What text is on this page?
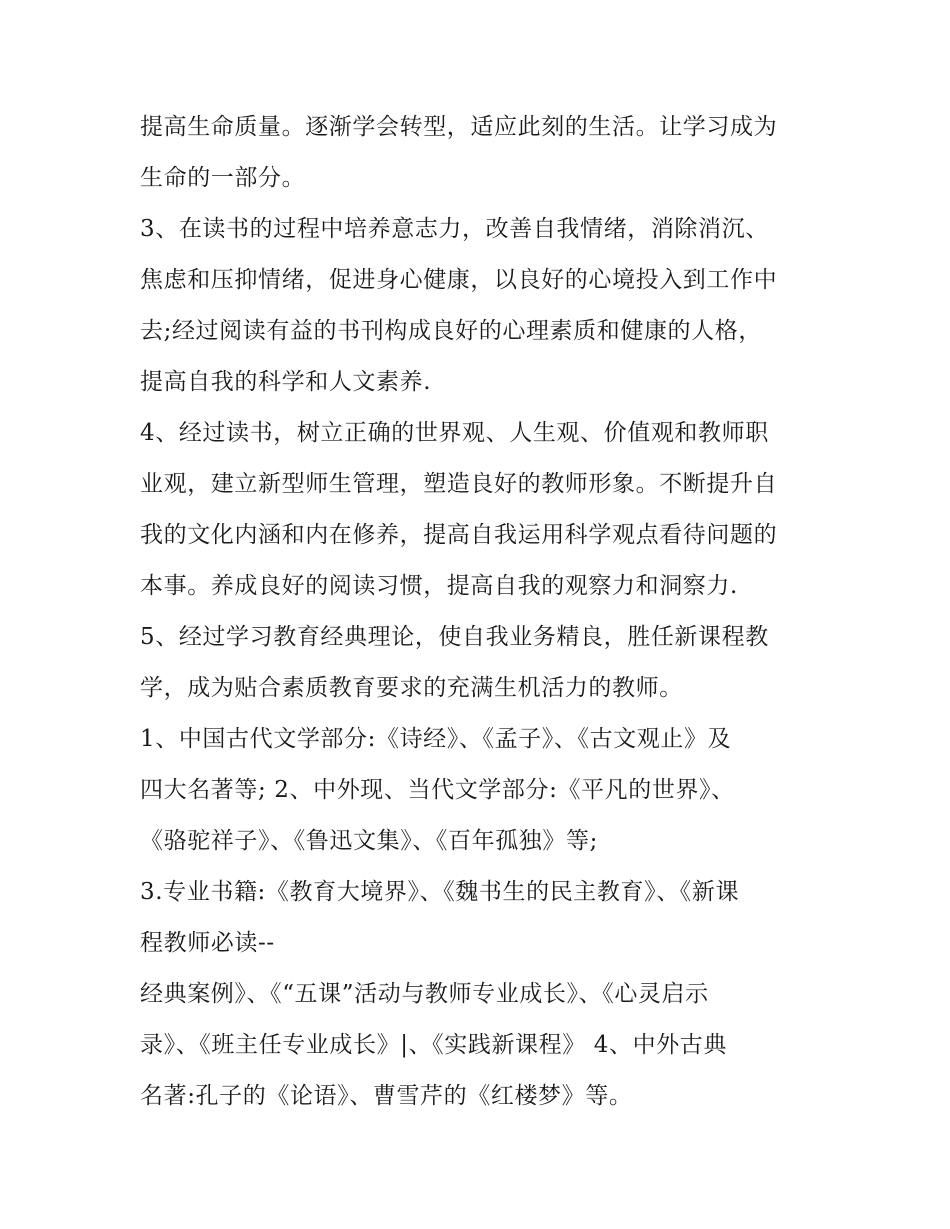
提高生命质量。逐渐学会转型，适应此刻的生活。让学习成为
生命的一部分。
3、在读书的过程中培养意志力，改善自我情绪，消除消沉、
焦虑和压抑情绪，促进身心健康，以良好的心境投入到工作中
去;经过阅读有益的书刊构成良好的心理素质和健康的人格，
提高自我的科学和人文素养.
4、经过读书，树立正确的世界观、人生观、价值观和教师职
业观，建立新型师生管理，塑造良好的教师形象。不断提升自
我的文化内涵和内在修养，提高自我运用科学观点看待问题的
本事。养成良好的阅读习惯，提高自我的观察力和洞察力.
5、经过学习教育经典理论，使自我业务精良，胜任新课程教
学，成为贴合素质教育要求的充满生机活力的教师。
1、中国古代文学部分:《诗经》、《孟子》、《古文观止》及
四大名著等; 2、中外现、当代文学部分:《平凡的世界》、
《骆驼祥子》、《鲁迅文集》、《百年孤独》等;
3.专业书籍:《教育大境界》、《魏书生的民主教育》、《新课
程教师必读--
经典案例》、《“五课”活动与教师专业成长》、《心灵启示
录》、《班主任专业成长》|、《实践新课程》 4、中外古典
名著:孔子的《论语》、曹雪芹的《红楼梦》等。
